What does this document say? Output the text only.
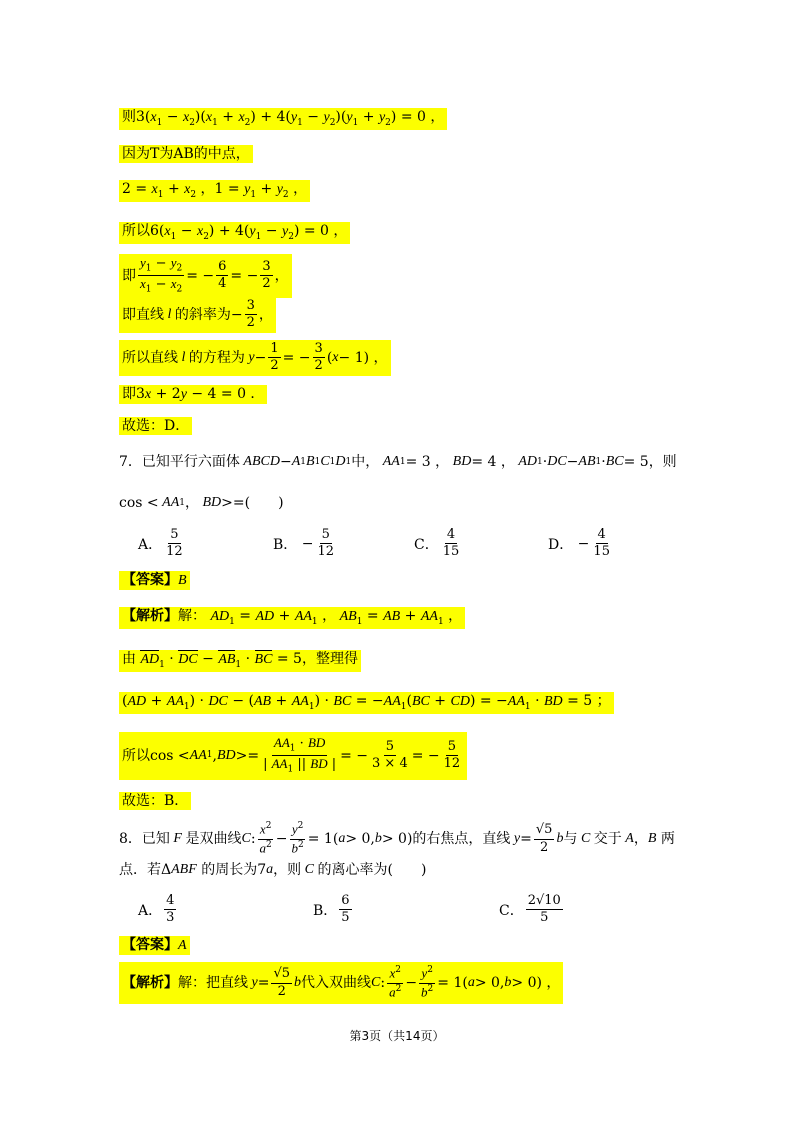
则$3(x_1 - x_2)(x_1 + x_2) + 4(y_1 - y_2)(y_1 + y_2) = 0$ ，
因为T为AB的中点，
$2 = x_1 + x_2$ ，$1 = y_1 + y_2$ ，
所以$6(x_1 - x_2) + 4(y_1 - y_2) = 0$ ，
即 $\frac{y_1 - y_2}{x_1 - x_2}$ = − $\frac{6}{4}$ = − $\frac{3}{2}$ ，
即直线 l 的斜率为 − $\frac{3}{2}$ ，
所以直线 l 的方程为 $y - \frac{1}{2}$ = − $\frac{3}{2}$ ( x − 1) ，
即3x + 2y − 4 = 0 ．
故选：D．
7． 已知平行六面体 ABCD − A 1 B 1 C 1 D 1 中， AA 1 = 3 ， BD = 4 ， AD 1 · DC − AB 1 · BC = 5 ，则
cos < AA 1 ， BD >= (　　)
A． $\frac{5}{12}$	B． − $\frac{5}{12}$	C． $\frac{4}{15}$	D． − $\frac{4}{15}$
【答案】B
【解析】解： $AD_1$ = AD + $AA_1$ ， $AB_1$ = AB + $AA_1$ ，
由 $AD_1$ · DC − $AB_1$ · BC = 5，整理得
$(AD + AA_1)$ · DC − $(AB + AA_1)$ · BC = $-AA_1(BC + CD) = -AA_1$ · BD = 5 ；
所以 cos < AA 1 , BD >= $\frac{AA_1 \cdot BD}{| AA_1 || BD |}$ = − $\frac{5}{3 \times 4}$ = − $\frac{5}{12}$
故选：B．
8． 已知 F 是双曲线 C : $\frac{x^2}{a^2} - \frac{y^2}{b^2} = 1$( a > 0, b > 0) 的右焦点，直线 $y = \frac{√5}{2}$ b 与 C 交于 A ， B
两
点．若 Δ ABF
的周长为 7 a ，则 C 的离心率为(　　)
A． $\frac{4}{3}$	B． $\frac{6}{5}$	C． $\frac{2√10}{5}$
【答案】A
【解析】 解：把直线 $y = \frac{√5}{2}$ b 代入双曲线 C : $\frac{x^2}{a^2} - \frac{y^2}{b^2} = 1$( a > 0, b > 0) ，
第3页（共14页）
